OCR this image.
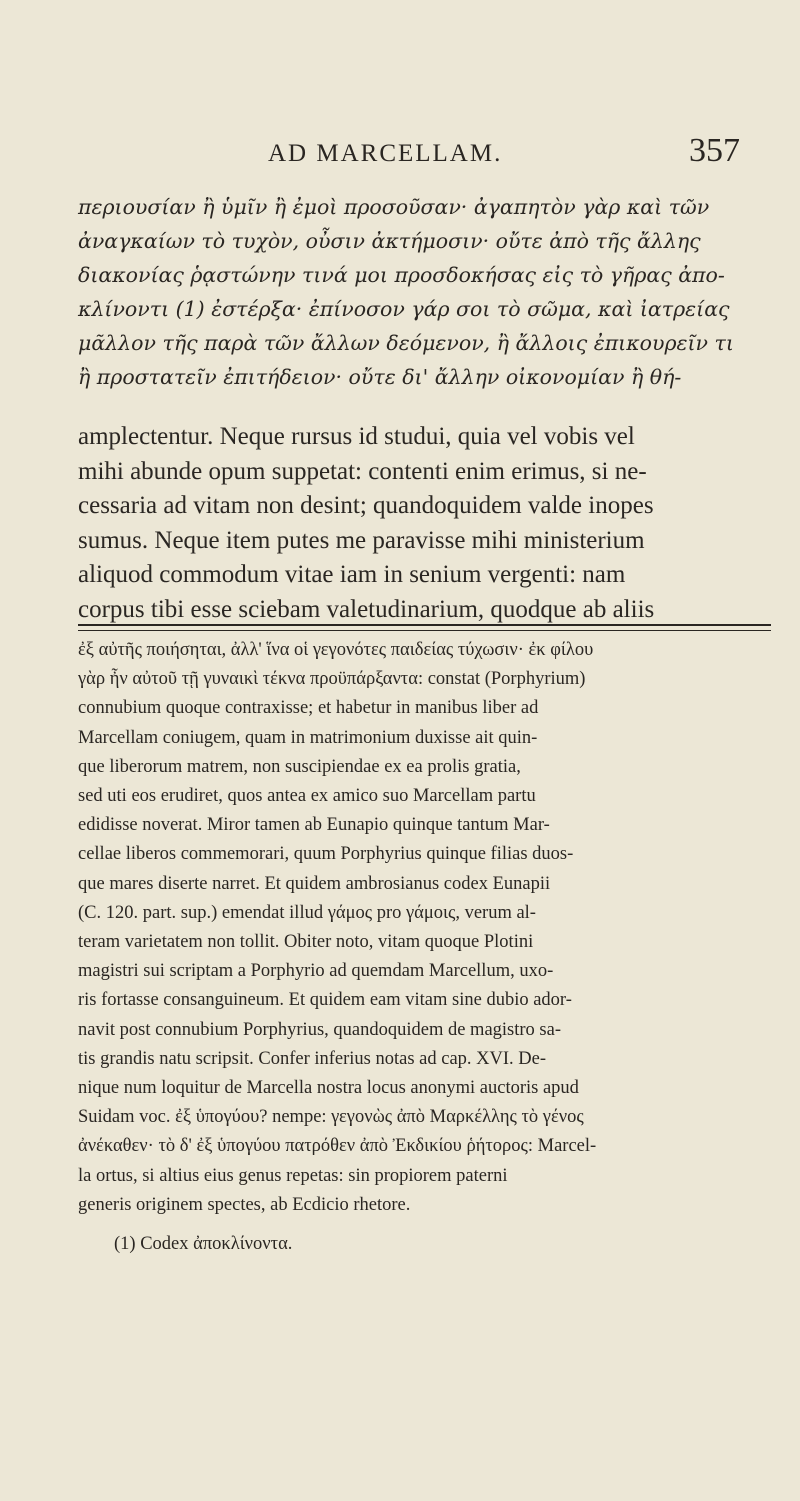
AD MARCELLAM.	357
περιουσίαν ἢ ὑμῖν ἢ ἐμοὶ προσοῦσαν· ἀγαπητὸν γὰρ καὶ τῶν
ἀναγκαίων τὸ τυχὸν, οὖσιν ἀκτήμοσιν· οὔτε ἀπὸ τῆς ἄλλης
διακονίας ῥᾳστώνην τινά μοι προσδοκήσας εἰς τὸ γῆρας ἀπο-
κλίνοντι (1) ἐστέρξα· ἐπίνοσον γάρ σοι τὸ σῶμα, καὶ ἰατρείας
μᾶλλον τῆς παρὰ τῶν ἄλλων δεόμενον, ἢ ἄλλοις ἐπικουρεῖν τι
ἢ προστατεῖν ἐπιτήδειον· οὔτε δι' ἄλλην οἰκονομίαν ἢ θή-
amplectentur. Neque rursus id studui, quia vel vobis vel
mihi abunde opum suppetat: contenti enim erimus, si ne-
cessaria ad vitam non desint; quandoquidem valde inopes
sumus. Neque item putes me paravisse mihi ministerium
aliquod commodum vitae iam in senium vergenti: nam
corpus tibi esse sciebam valetudinarium, quodque ab aliis
ἐξ αὐτῆς ποιήσηται, ἀλλ' ἵνα οἱ γεγονότες παιδείας τύχωσιν· ἐκ φίλου
γὰρ ἦν αὐτοῦ τῇ γυναικὶ τέκνα προϋπάρξαντα: constat (Porphyrium)
connubium quoque contraxisse; et habetur in manibus liber ad
Marcellam coniugem, quam in matrimonium duxisse ait quin-
que liberorum matrem, non suscipiendae ex ea prolis gratia,
sed uti eos erudiret, quos antea ex amico suo Marcellam partu
edidisse noverat. Miror tamen ab Eunapio quinque tantum Mar-
cellae liberos commemorari, quum Porphyrius quinque filias duos-
que mares diserte narret. Et quidem ambrosianus codex Eunapii
(C. 120. part. sup.) emendat illud γάμος pro γάμοις, verum al-
teram varietatem non tollit. Obiter noto, vitam quoque Plotini
magistri sui scriptam a Porphyrio ad quemdam Marcellum, uxo-
ris fortasse consanguineum. Et quidem eam vitam sine dubio ador-
navit post connubium Porphyrius, quandoquidem de magistro sa-
tis grandis natu scripsit. Confer inferius notas ad cap. XVI. De-
nique num loquitur de Marcella nostra locus anonymi auctoris apud
Suidam voc. ἐξ ὑπογύου? nempe: γεγονὼς ἀπὸ Μαρκέλλης τὸ γένος
ἀνέκαθεν· τὸ δ' ἐξ ὑπογύου πατρόθεν ἀπὸ Ἐκδικίου ῥήτορος: Marcel-
la ortus, si altius eius genus repetas: sin propiorem paterni
generis originem spectes, ab Ecdicio rhetore.
(1) Codex ἀποκλίνοντα.
